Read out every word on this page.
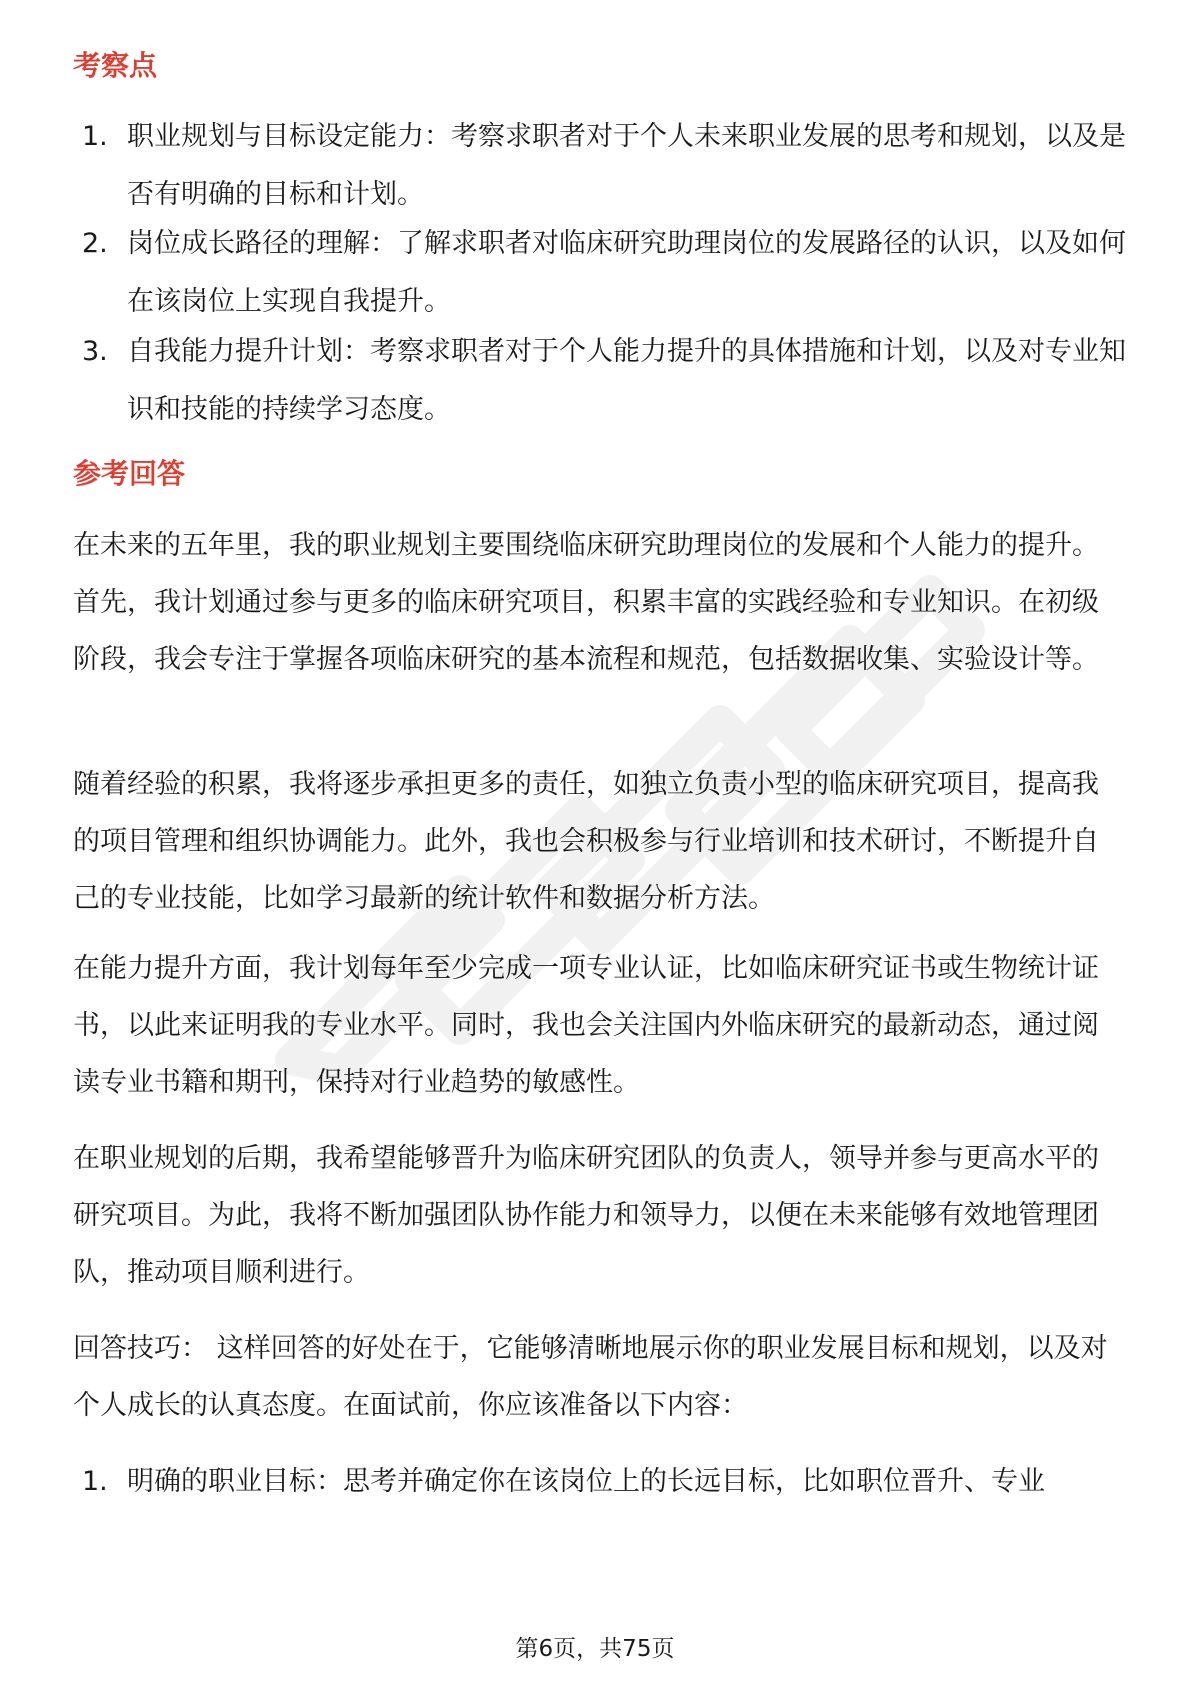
考察点
1. 职业规划与目标设定能力：考察求职者对于个人未来职业发展的思考和规划，以及是否有明确的目标和计划。
2. 岗位成长路径的理解：了解求职者对临床研究助理岗位的发展路径的认识，以及如何在该岗位上实现自我提升。
3. 自我能力提升计划：考察求职者对于个人能力提升的具体措施和计划，以及对专业知识和技能的持续学习态度。
参考回答

在未来的五年里，我的职业规划主要围绕临床研究助理岗位的发展和个人能力的提升。首先，我计划通过参与更多的临床研究项目，积累丰富的实践经验和专业知识。在初级阶段，我会专注于掌握各项临床研究的基本流程和规范，包括数据收集、实验设计等。

随着经验的积累，我将逐步承担更多的责任，如独立负责小型的临床研究项目，提高我的项目管理和组织协调能力。此外，我也会积极参与行业培训和技术研讨，不断提升自己的专业技能，比如学习最新的统计软件和数据分析方法。

在能力提升方面，我计划每年至少完成一项专业认证，比如临床研究证书或生物统计证书，以此来证明我的专业水平。同时，我也会关注国内外临床研究的最新动态，通过阅读专业书籍和期刊，保持对行业趋势的敏感性。

在职业规划的后期，我希望能够晋升为临床研究团队的负责人，领导并参与更高水平的研究项目。为此，我将不断加强团队协作能力和领导力，以便在未来能够有效地管理团队，推动项目顺利进行。

回答技巧： 这样回答的好处在于，它能够清晰地展示你的职业发展目标和规划，以及对个人成长的认真态度。在面试前，你应该准备以下内容：

1. 明确的职业目标：思考并确定你在该岗位上的长远目标，比如职位晋升、专业
第6页，共75页
